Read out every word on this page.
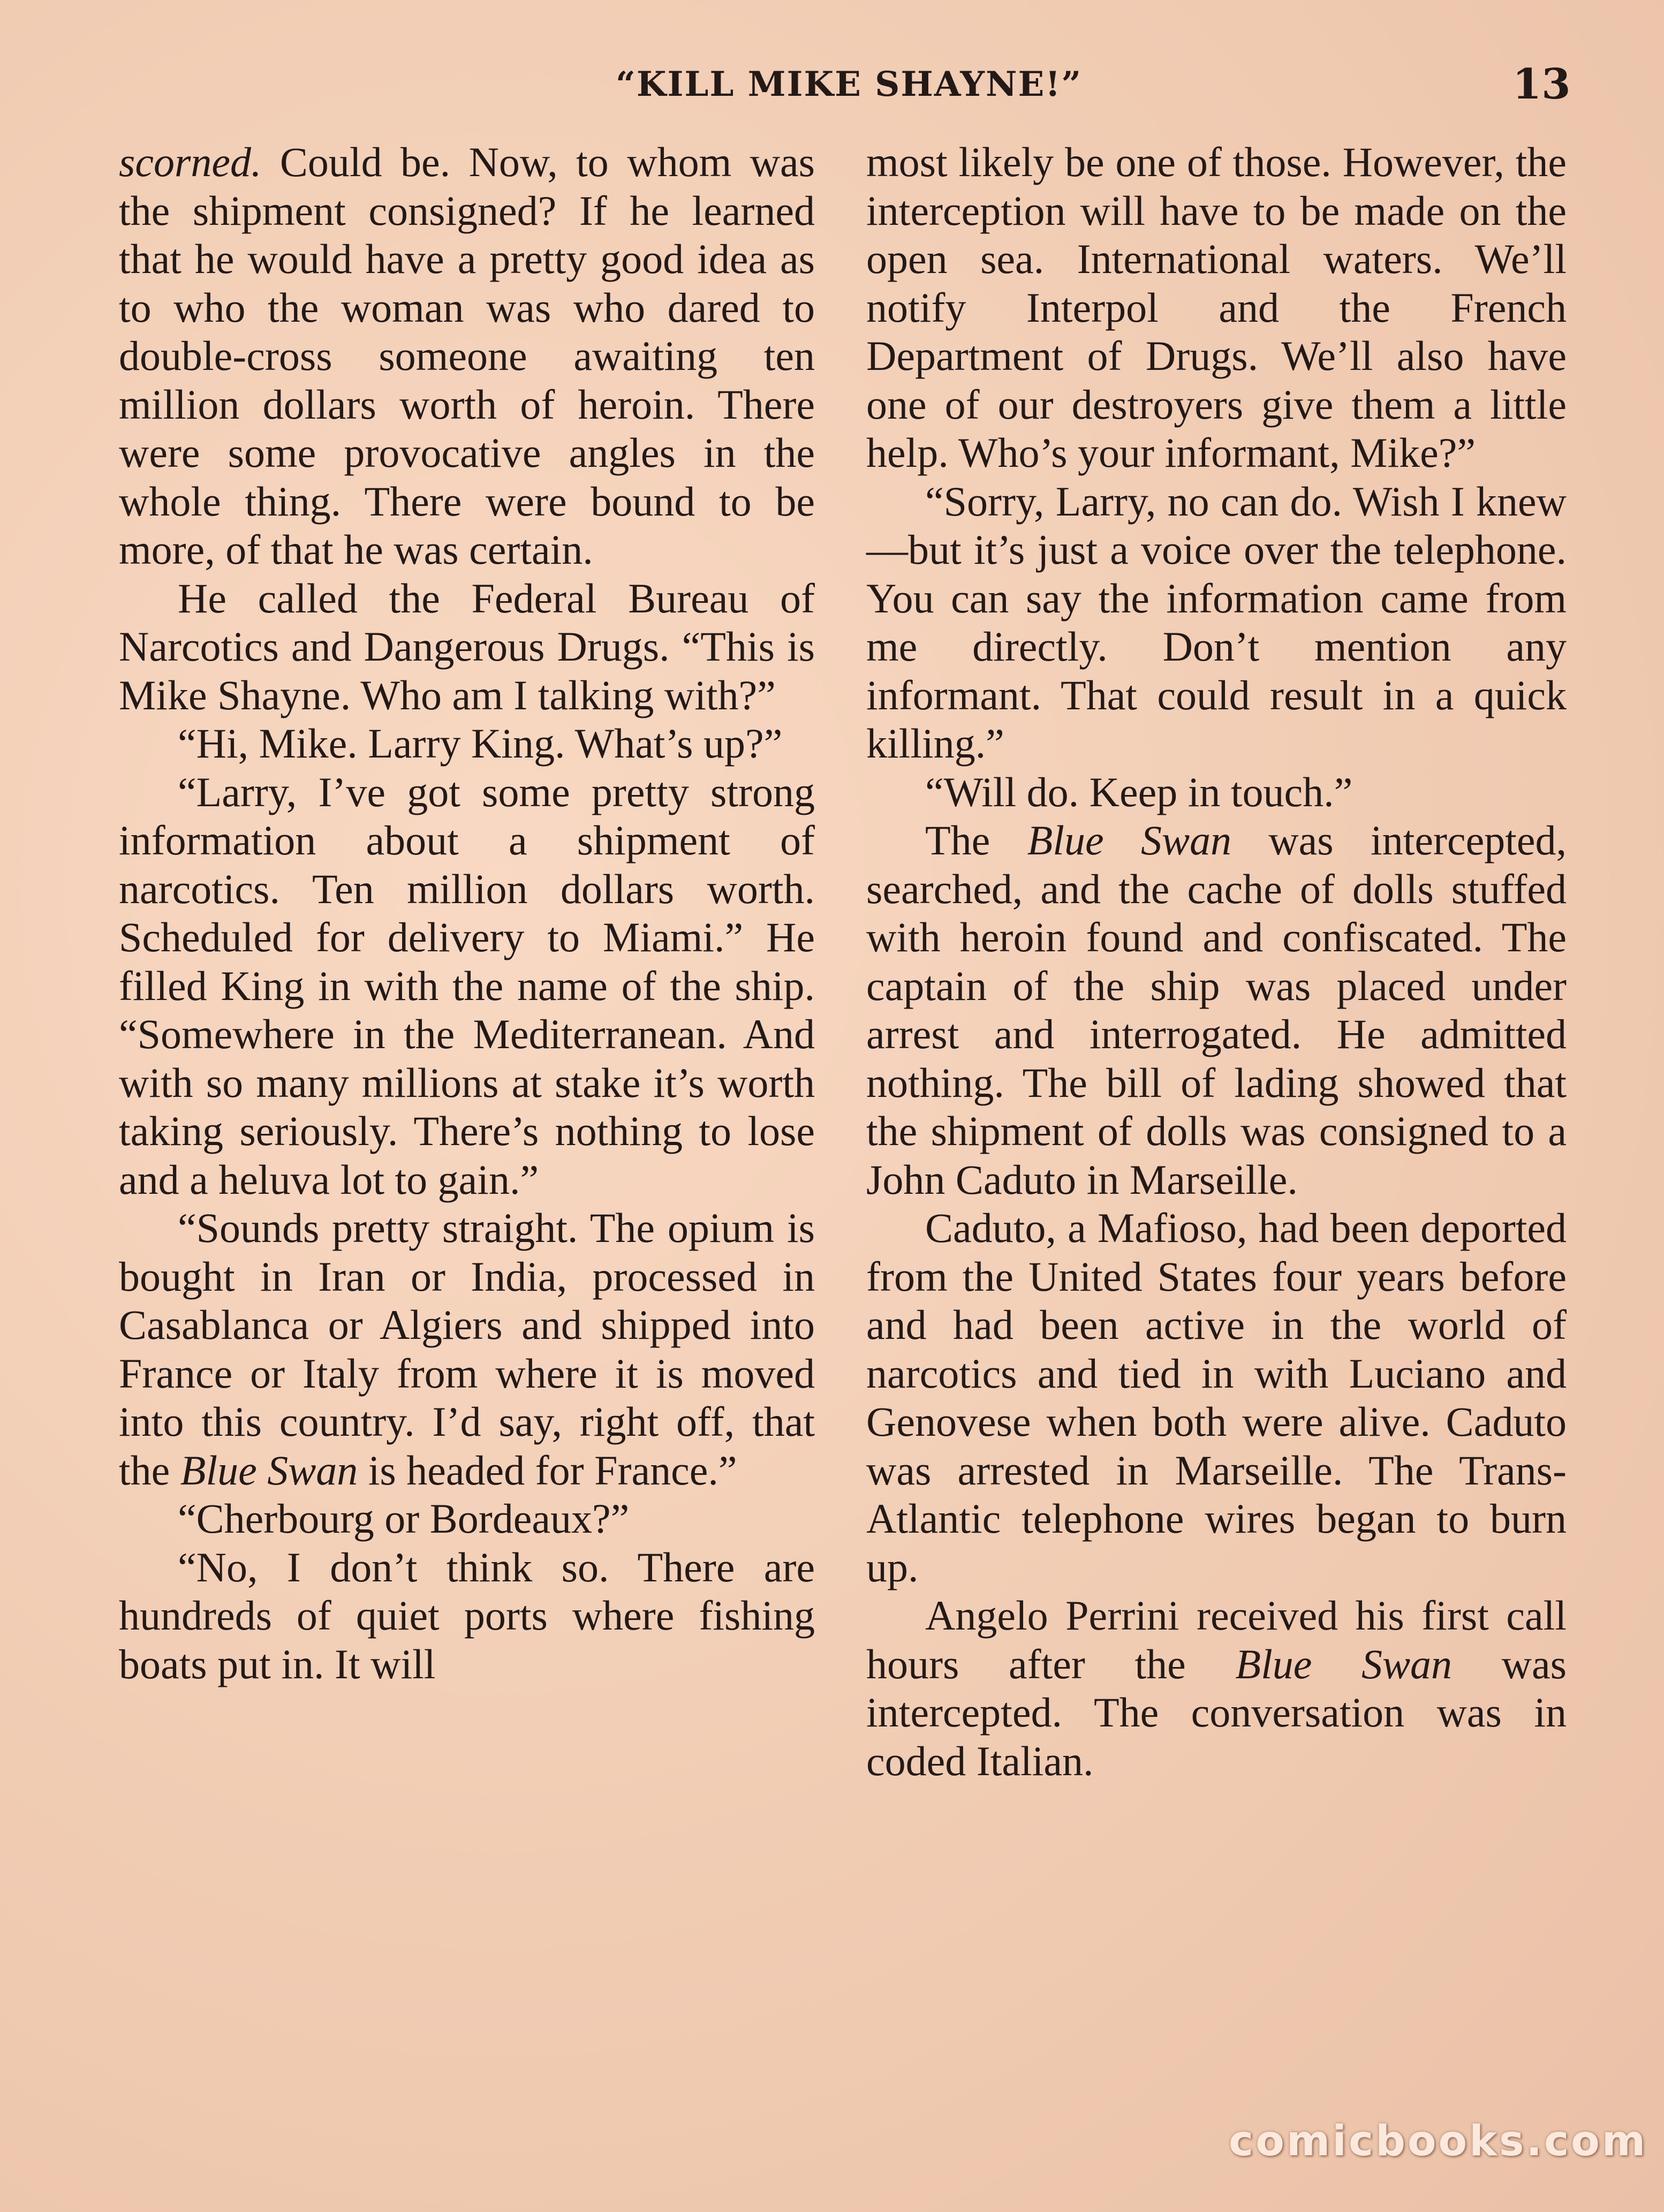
“KILL MIKE SHAYNE!”	13

scorned. Could be. Now, to whom was the shipment consigned? If he learned that he would have a pretty good idea as to who the woman was who dared to double-cross someone awaiting ten million dollars worth of heroin. There were some provocative angles in the whole thing. There were bound to be more, of that he was certain.

He called the Federal Bureau of Narcotics and Dangerous Drugs. “This is Mike Shayne. Who am I talking with?”

“Hi, Mike. Larry King. What’s up?”

“Larry, I’ve got some pretty strong information about a shipment of narcotics. Ten million dollars worth. Scheduled for delivery to Miami.” He filled King in with the name of the ship. “Somewhere in the Mediterranean. And with so many millions at stake it’s worth taking seriously. There’s nothing to lose and a heluva lot to gain.”

“Sounds pretty straight. The opium is bought in Iran or India, processed in Casablanca or Algiers and shipped into France or Italy from where it is moved into this country. I’d say, right off, that the Blue Swan is headed for France.”

“Cherbourg or Bordeaux?”

“No, I don’t think so. There are hundreds of quiet ports where fishing boats put in. It will

most likely be one of those. However, the interception will have to be made on the open sea. International waters. We’ll notify Interpol and the French Department of Drugs. We’ll also have one of our destroyers give them a little help. Who’s your informant, Mike?”

“Sorry, Larry, no can do. Wish I knew—but it’s just a voice over the telephone. You can say the information came from me directly. Don’t mention any informant. That could result in a quick killing.”

“Will do. Keep in touch.”

The Blue Swan was intercepted, searched, and the cache of dolls stuffed with heroin found and confiscated. The captain of the ship was placed under arrest and interrogated. He admitted nothing. The bill of lading showed that the shipment of dolls was consigned to a John Caduto in Marseille.

Caduto, a Mafioso, had been deported from the United States four years before and had been active in the world of narcotics and tied in with Luciano and Genovese when both were alive. Caduto was arrested in Marseille. The Trans-Atlantic telephone wires began to burn up.

Angelo Perrini received his first call hours after the Blue Swan was intercepted. The conversation was in coded Italian.

comicbooks.com
